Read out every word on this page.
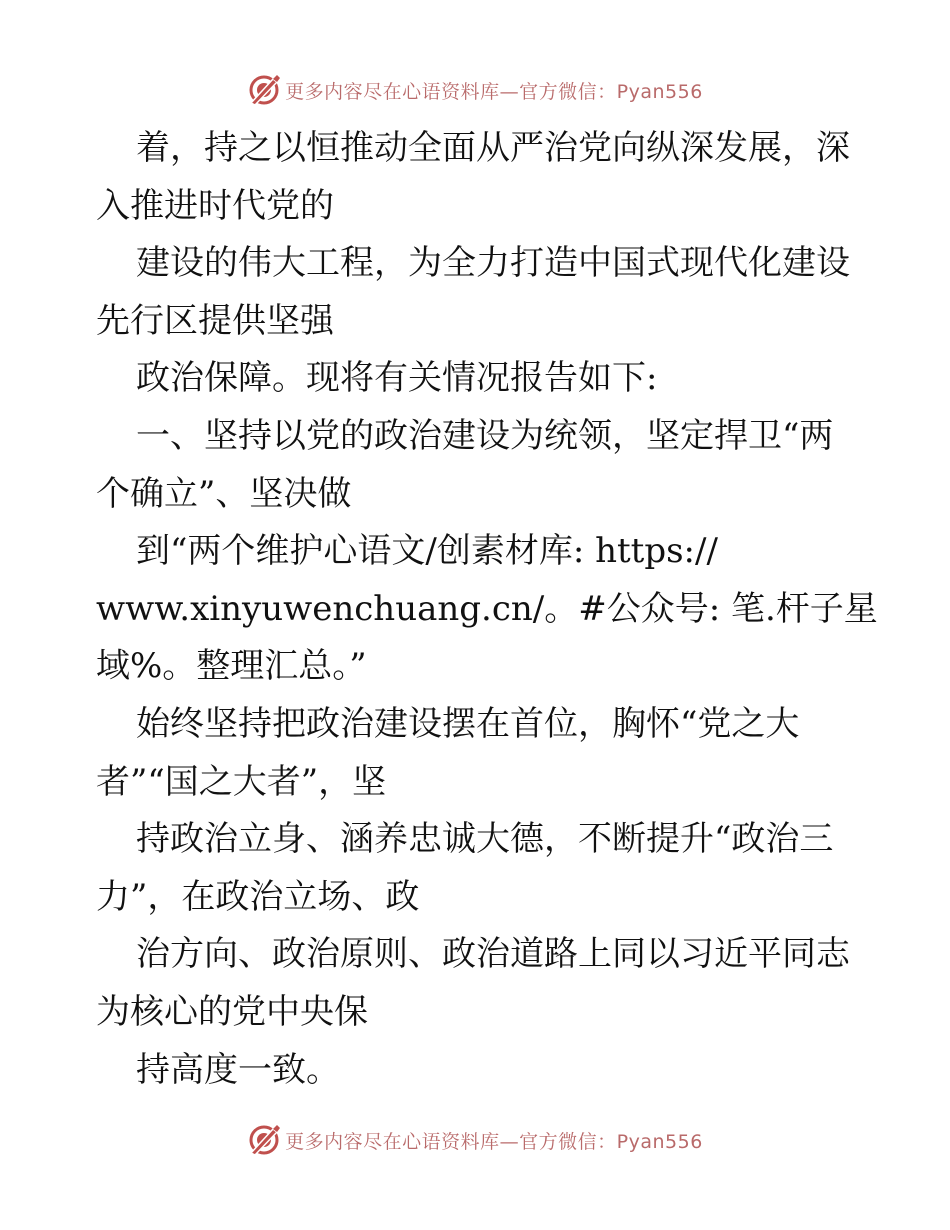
更多内容尽在心语资料库—官方微信：Pyan556
着，持之以恒推动全面从严治党向纵深发展，深
入推进时代党的
建设的伟大工程，为全力打造中国式现代化建设
先行区提供坚强
政治保障。现将有关情况报告如下:
一、坚持以党的政治建设为统领，坚定捍卫“两
个确立”、坚决做
到“两个维护心语文/创素材库: https://
www.xinyuwenchuang.cn/。#公众号: 笔.杆子星
域%。整理汇总。”
始终坚持把政治建设摆在首位，胸怀“党之大
者”“国之大者”，坚
持政治立身、涵养忠诚大德，不断提升“政治三
力”，在政治立场、政
治方向、政治原则、政治道路上同以习近平同志
为核心的党中央保
持高度一致。
更多内容尽在心语资料库—官方微信：Pyan556
